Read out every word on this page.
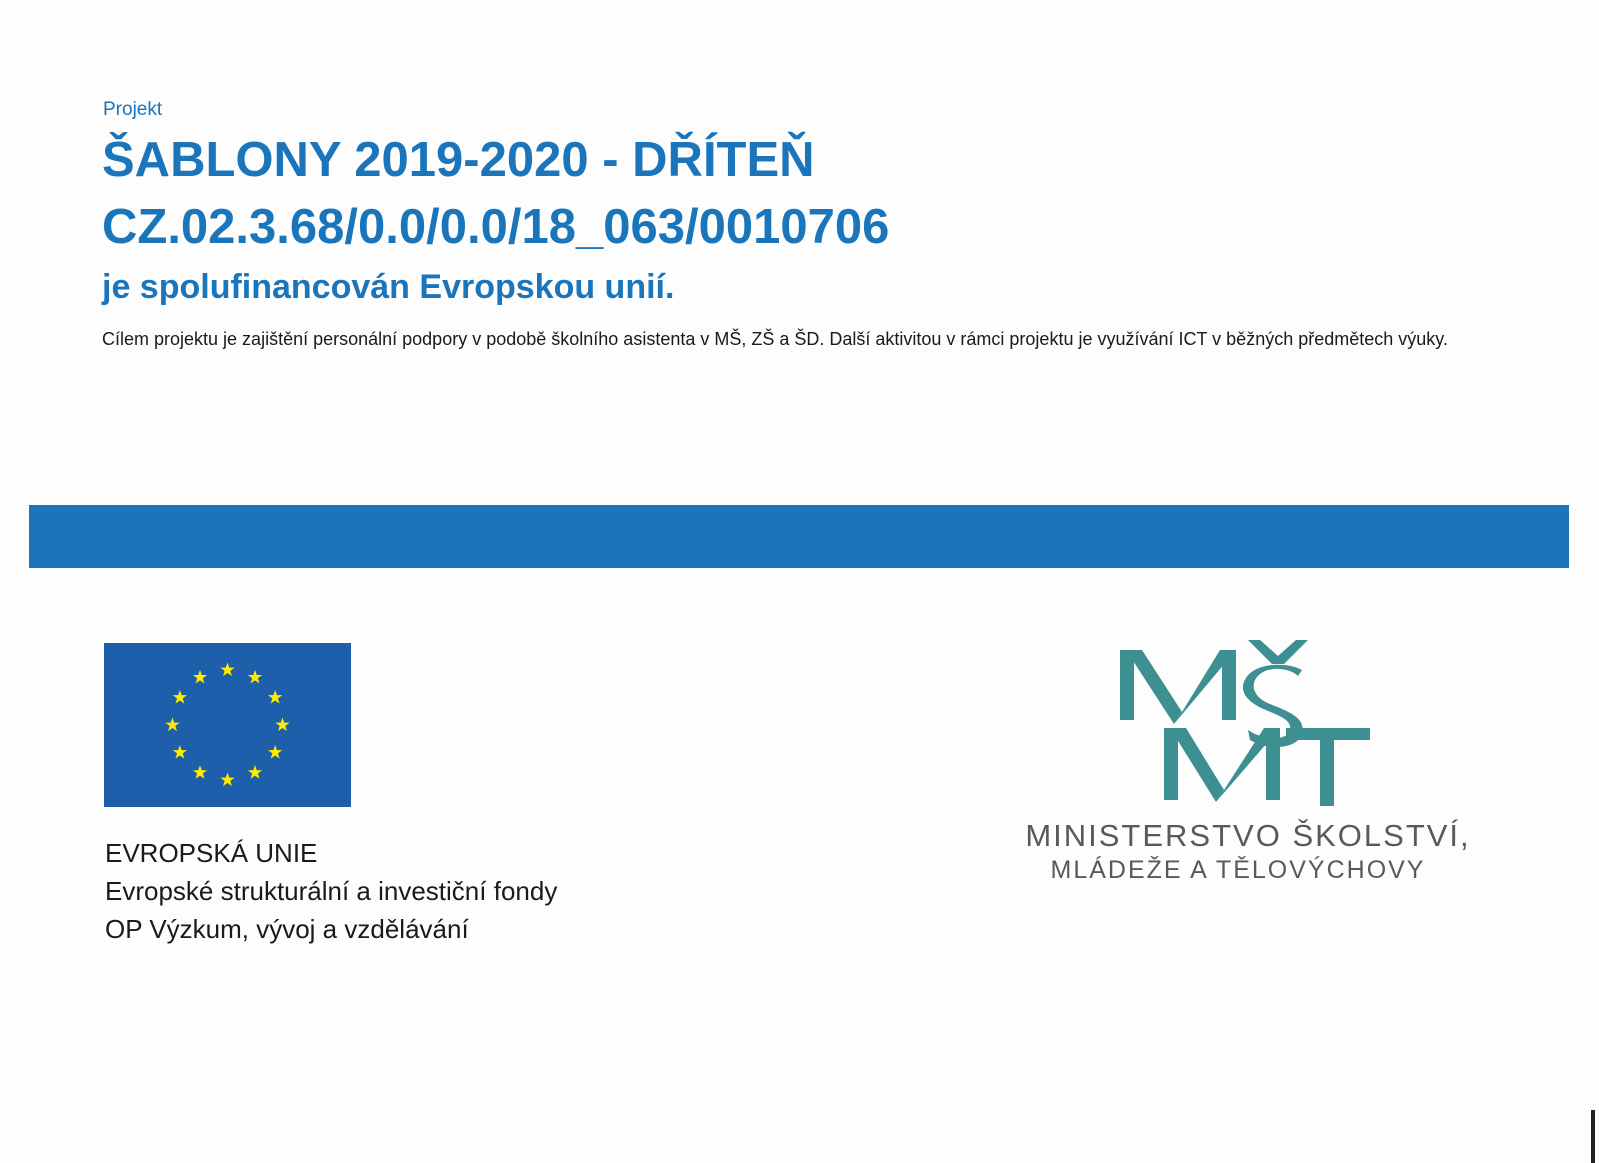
Projekt
ŠABLONY 2019-2020 - DŘÍTEŇ
CZ.02.3.68/0.0/0.0/18_063/0010706
je spolufinancován Evropskou unií.
Cílem projektu je zajištění personální podpory v podobě školního asistenta v MŠ, ZŠ a ŠD. Další aktivitou v rámci projektu je využívání ICT v běžných předmětech výuky.
EVROPSKÁ UNIE
Evropské strukturální a investiční fondy
OP Výzkum, vývoj a vzdělávání
MINISTERSTVO ŠKOLSTVÍ,
MLÁDEŽE A TĚLOVÝCHOVY
